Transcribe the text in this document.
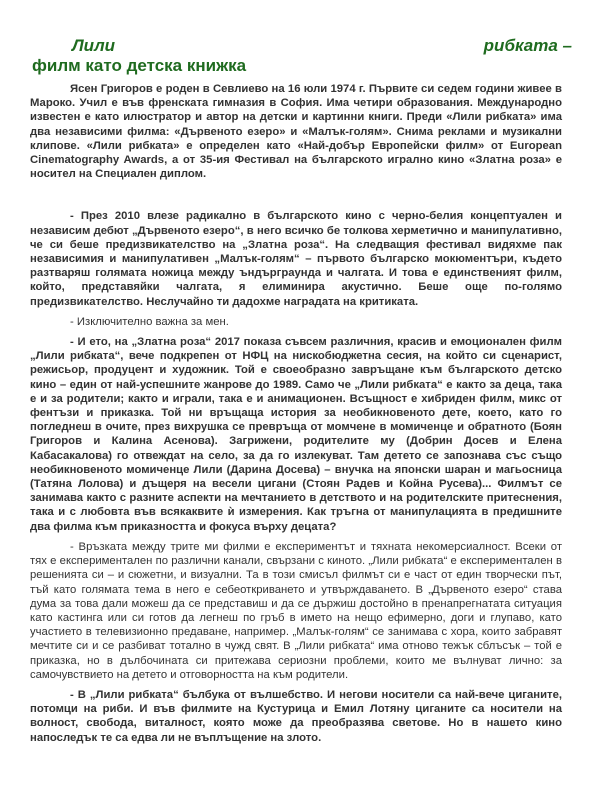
Лили	рибката –
филм като детска книжка

Ясен Григоров е роден в Севлиево на 16 юли 1974 г. Първите си седем години живее в Мароко. Учил е във френската гимназия в София. Има четири образования. Международно известен е като илюстратор и автор на детски и картинни книги. Преди «Лили рибката» има два независими филма: «Дървеното езеро» и «Малък-голям». Снима реклами и музикални клипове. «Лили рибката» е определен като «Най-добър Европейски филм» от European Cinematography Awards, а от 35-ия Фестивал на българското игрално кино «Златна роза» е носител на Специален диплом.

- През 2010 влезе радикално в българското кино с черно-белия концептуален и независим дебют „Дървеното езеро“, в него всичко бе толкова херметично и манипулативно, че си беше предизвикателство на „Златна роза“. На следващия фестивал видяхме пак независимия и манипулативен „Малък-голям“ – първото българско мокюментъри, където разтваряш голямата ножица между ъндърграунда и чалгата. И това е единственият филм, който, представяйки чалгата, я елиминира акустично. Беше още по-голямо предизвикателство. Неслучайно ти дадохме наградата на критиката.

- Изключително важна за мен.

- И ето, на „Златна роза“ 2017 показа съвсем различния, красив и емоционален филм „Лили рибката“, вече подкрепен от НФЦ на нискобюджетна сесия, на който си сценарист, режисьор, продуцент и художник. Той е своеобразно завръщане към българското детско кино – един от най-успешните жанрове до 1989. Само че „Лили рибката“ е както за деца, така е и за родители; както и играли, така е и анимационен. Всъщност е хибриден филм, микс от фентъзи и приказка. Той ни връщаща история за необикновеното дете, което, като го погледнеш в очите, през вихрушка се превръща от момчене в момиченце и обратното (Боян Григоров и Калина Асенова). Загрижени, родителите му (Добрин Досев и Елена Кабасакалова) го отвеждат на село, за да го излекуват. Там детето се запознава със също необикновеното момиченце Лили (Дарина Досева) – внучка на японски шаран и магьосница (Татяна Лолова) и дъщеря на весели цигани (Стоян Радев и Койна Русева)... Филмът се занимава както с разните аспекти на мечтанието в детството и на родителските притеснения, така и с любовта във всякаквите ѝ измерения. Как тръгна от манипулацията в предишните два филма към приказността и фокуса върху децата?

- Връзката между трите ми филми е експериментът и тяхната некомерсиалност. Всеки от тях е експериментален по различни канали, свързани с киното. „Лили рибката“ е експериментален в решенията си – и сюжетни, и визуални. Та в този смисъл филмът си е част от един творчески път, тъй като голямата тема в него е себеоткриването и утвърждаването. В „Дървеното езеро“ става дума за това дали можеш да се представиш и да се държиш достойно в пренапрегнатата ситуация като кастинга или си готов да легнеш по гръб в името на нещо ефимерно, доги и глупаво, като участието в телевизионно предаване, например. „Малък-голям“ се занимава с хора, които забравят мечтите си и се разбиват тотално в чужд свят. В „Лили рибката“ има отново тежък сблъсък – той е приказка, но в дълбочината си притежава сериозни проблеми, които ме вълнуват лично: за самочувствието на детето и отговорността на към родители.

- В „Лили рибката“ бълбука от вълшебство. И негови носители са най-вече циганите, потомци на риби. И във филмите на Кустурица и Емил Лотяну циганите са носители на волност, свобода, виталност, която може да преобразява световe. Но в нашето кино напоследък те са едва ли не въплъщение на злото.
